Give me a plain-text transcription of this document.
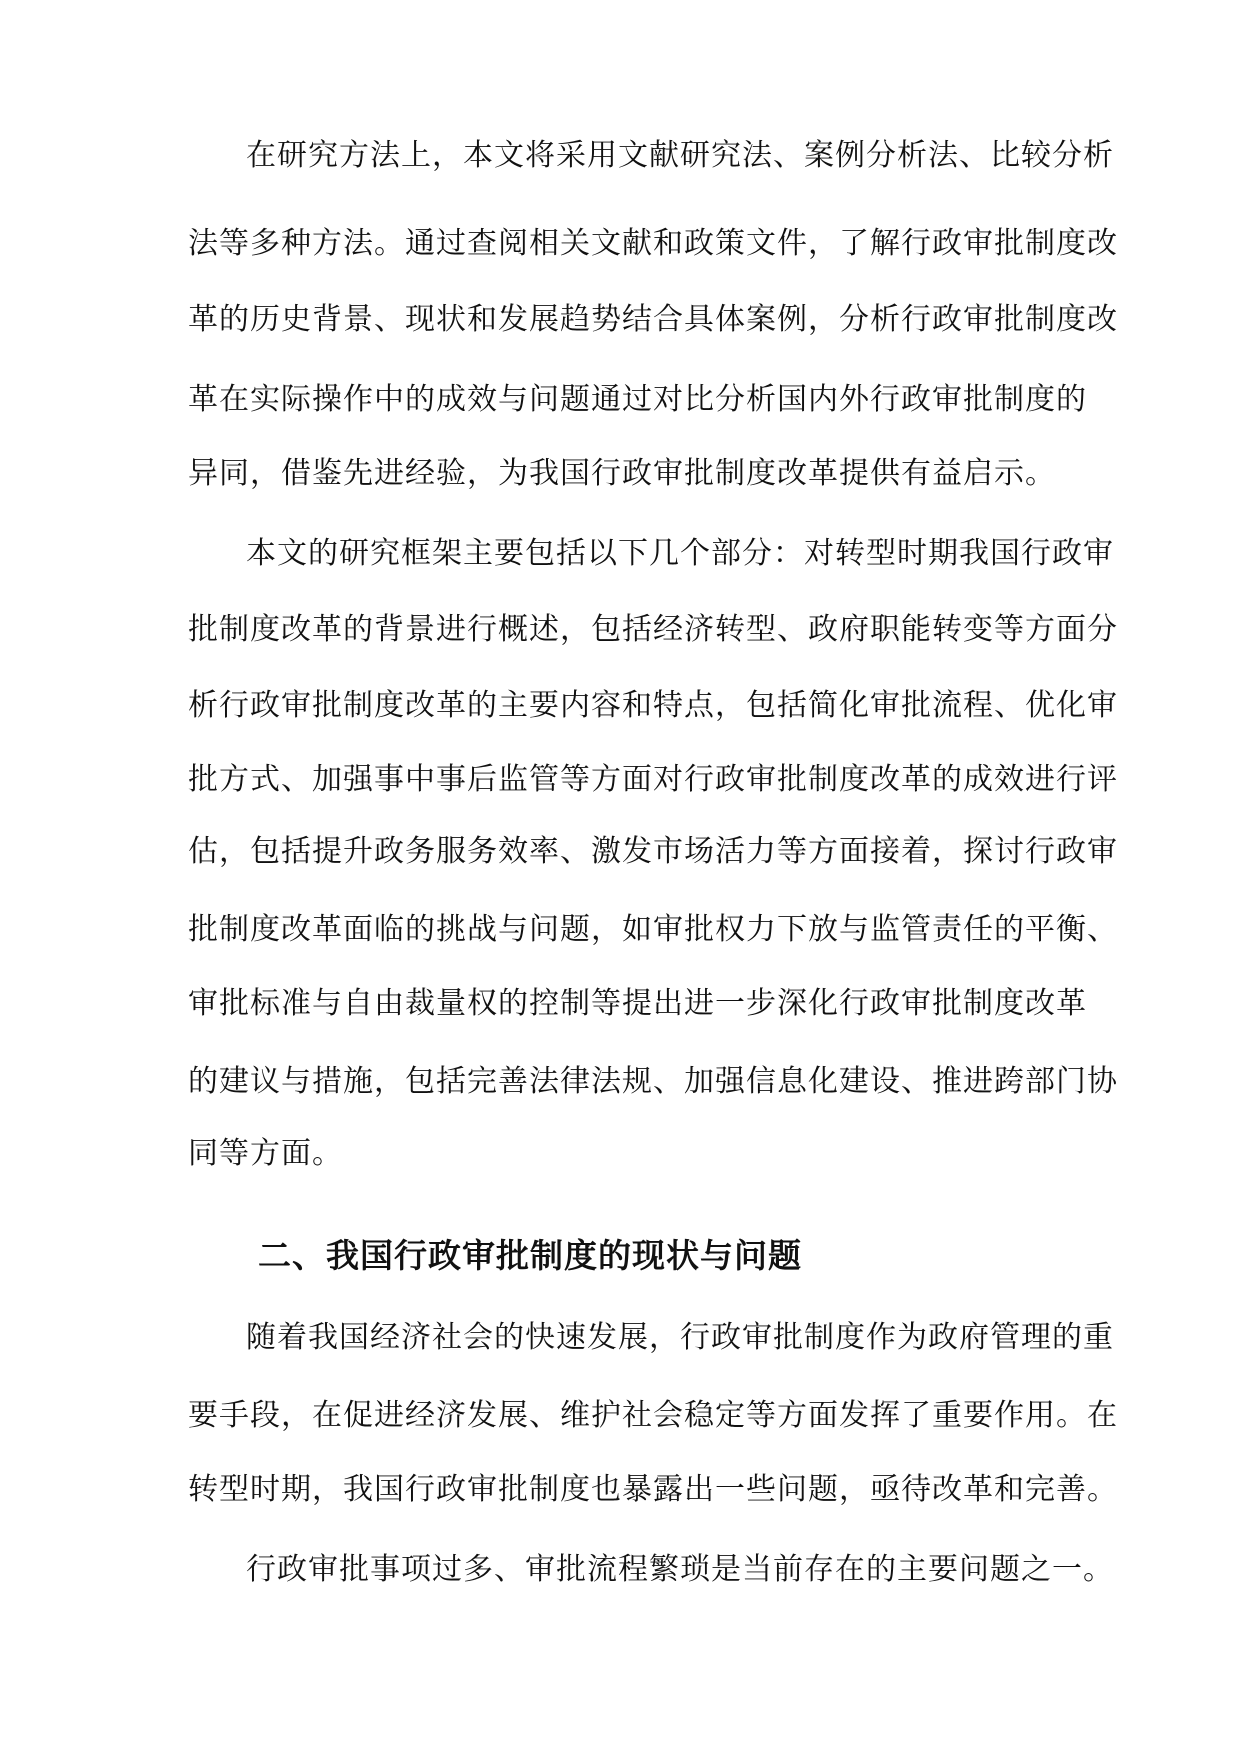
在研究方法上，本文将采用文献研究法、案例分析法、比较分析
法等多种方法。通过查阅相关文献和政策文件，了解行政审批制度改
革的历史背景、现状和发展趋势结合具体案例，分析行政审批制度改
革在实际操作中的成效与问题通过对比分析国内外行政审批制度的
异同，借鉴先进经验，为我国行政审批制度改革提供有益启示。
本文的研究框架主要包括以下几个部分：对转型时期我国行政审
批制度改革的背景进行概述，包括经济转型、政府职能转变等方面分
析行政审批制度改革的主要内容和特点，包括简化审批流程、优化审
批方式、加强事中事后监管等方面对行政审批制度改革的成效进行评
估，包括提升政务服务效率、激发市场活力等方面接着，探讨行政审
批制度改革面临的挑战与问题，如审批权力下放与监管责任的平衡、
审批标准与自由裁量权的控制等提出进一步深化行政审批制度改革
的建议与措施，包括完善法律法规、加强信息化建设、推进跨部门协
同等方面。
二、我国行政审批制度的现状与问题
随着我国经济社会的快速发展，行政审批制度作为政府管理的重
要手段，在促进经济发展、维护社会稳定等方面发挥了重要作用。在
转型时期，我国行政审批制度也暴露出一些问题，亟待改革和完善。
行政审批事项过多、审批流程繁琐是当前存在的主要问题之一。
